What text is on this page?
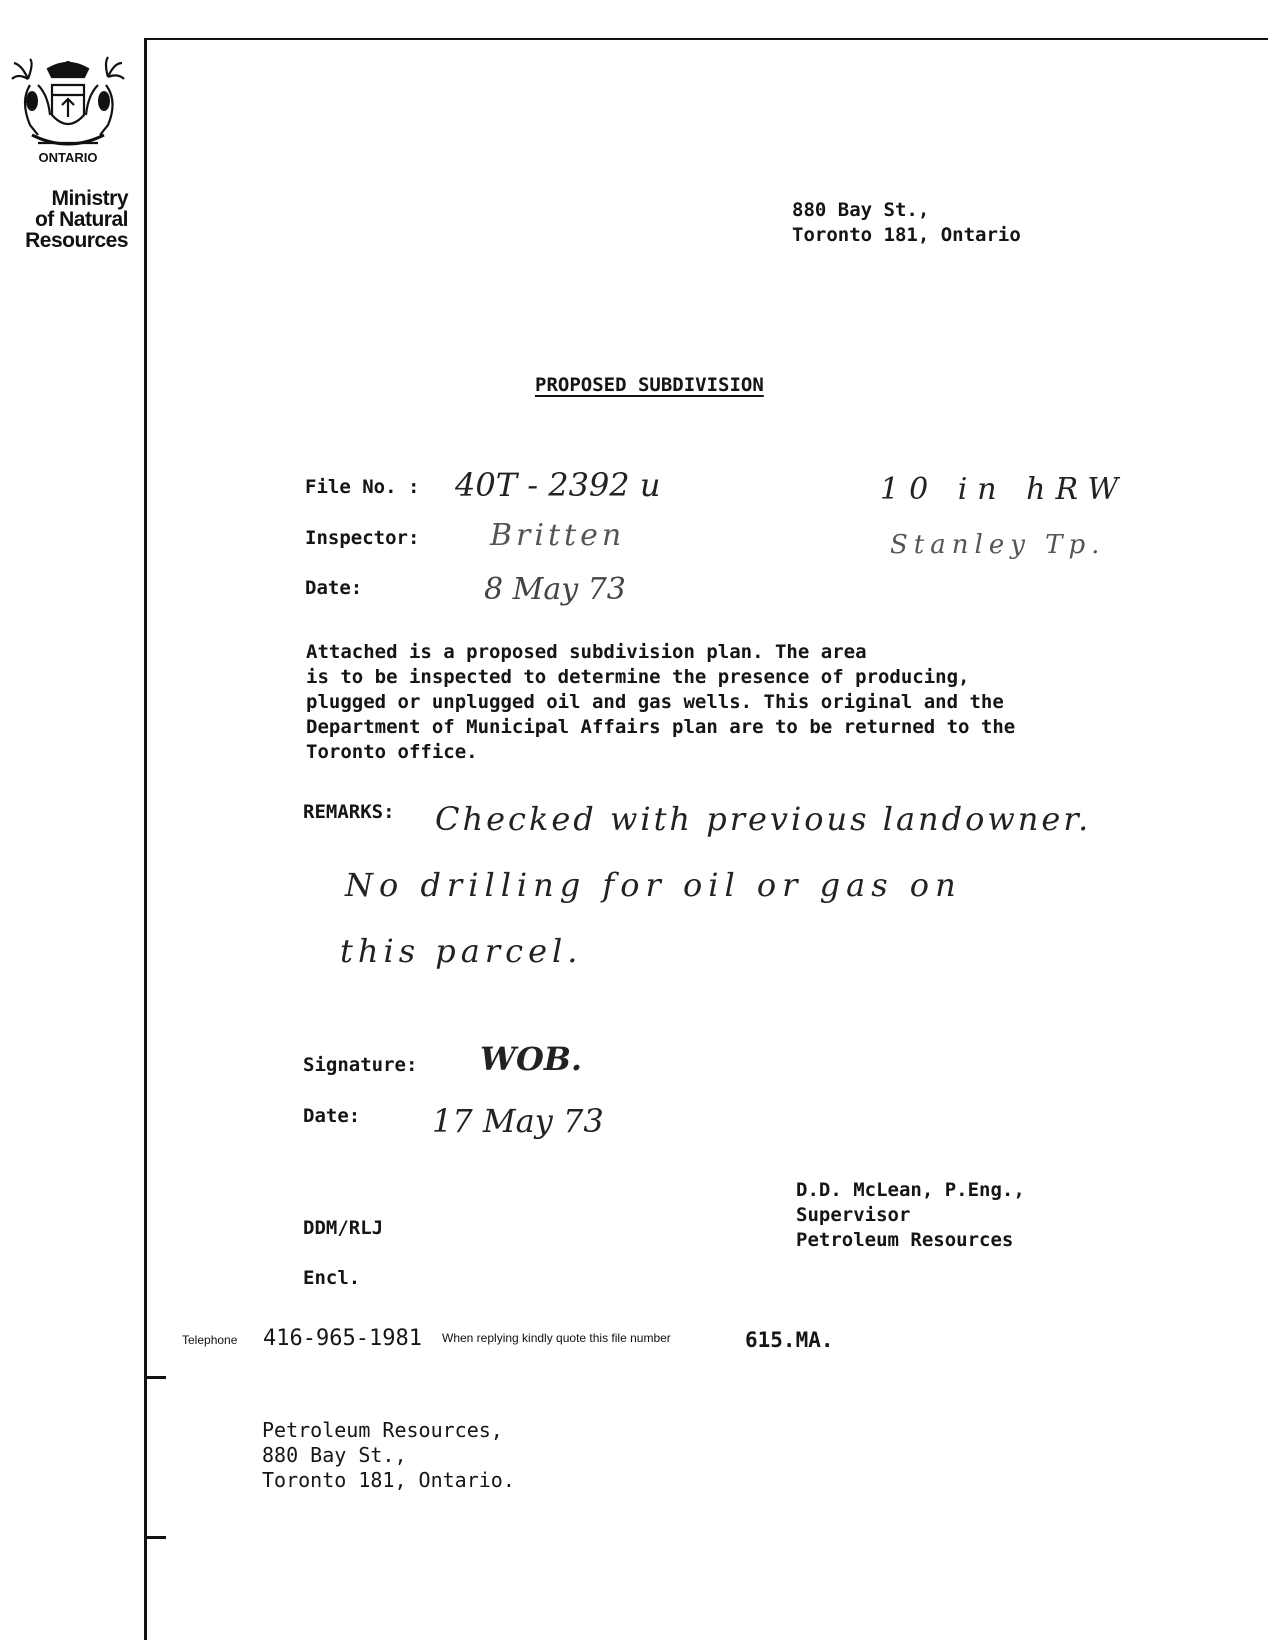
ONTARIO
Ministry
of Natural
Resources
880 Bay St.,
Toronto 181, Ontario
PROPOSED SUBDIVISION
File No. : 40T - 2392 u	10 in hRW
Inspector: Britten	Stanley Tp.
Date:	8 May 73
Attached is a proposed subdivision plan. The area
is to be inspected to determine the presence of producing,
plugged or unplugged oil and gas wells. This original and the
Department of Municipal Affairs plan are to be returned to the
Toronto office.
REMARKS: Checked with previous landowner.
No drilling for oil or gas on
this parcel.
Signature: WOB.
Date: 17 May 73
D.D. McLean, P.Eng.,
Supervisor
Petroleum Resources
DDM/RLJ
Encl.
Telephone 416-965-1981 When replying kindly quote this file number	615.MA.
Petroleum Resources,
880 Bay St.,
Toronto 181, Ontario.
